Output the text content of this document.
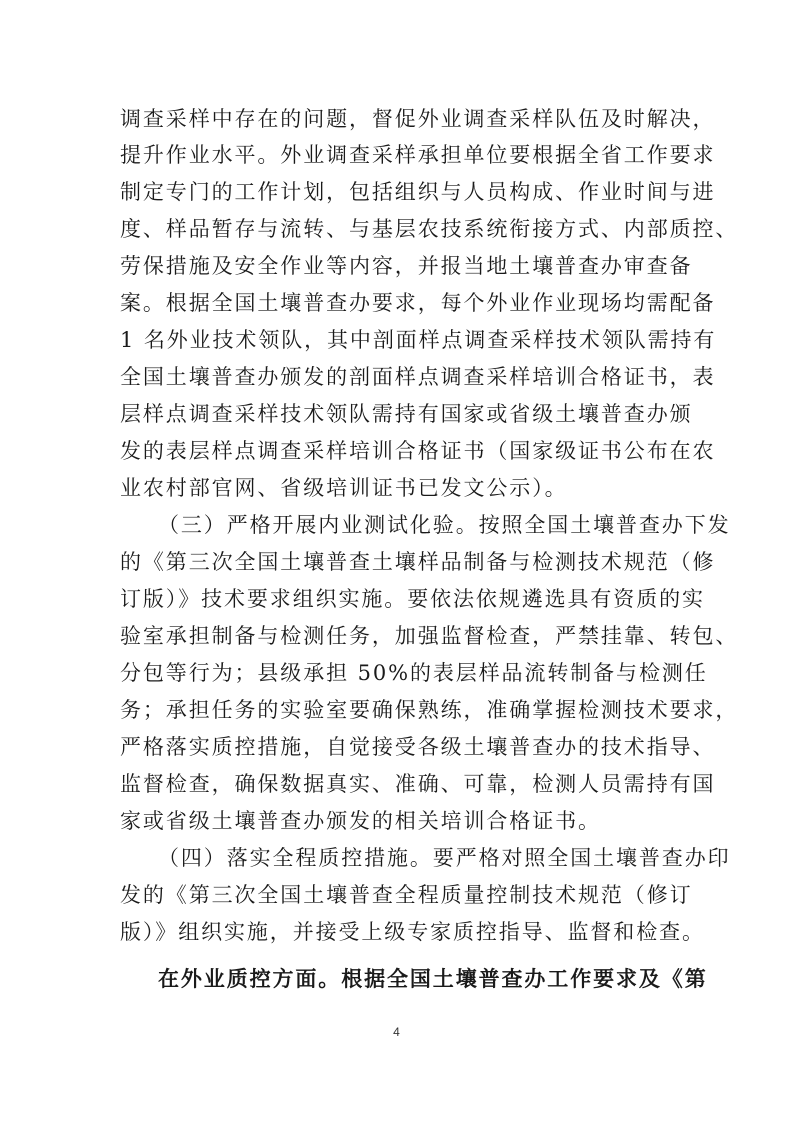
调查采样中存在的问题，督促外业调查采样队伍及时解决，

提升作业水平。外业调查采样承担单位要根据全省工作要求

制定专门的工作计划，包括组织与人员构成、作业时间与进

度、样品暂存与流转、与基层农技系统衔接方式、内部质控、

劳保措施及安全作业等内容，并报当地土壤普查办审查备

案。根据全国土壤普查办要求，每个外业作业现场均需配备

1 名外业技术领队，其中剖面样点调查采样技术领队需持有

全国土壤普查办颁发的剖面样点调查采样培训合格证书，表

层样点调查采样技术领队需持有国家或省级土壤普查办颁

发的表层样点调查采样培训合格证书（国家级证书公布在农

业农村部官网、省级培训证书已发文公示）。

（三）严格开展内业测试化验。按照全国土壤普查办下发

的《第三次全国土壤普查土壤样品制备与检测技术规范（修

订版）》技术要求组织实施。要依法依规遴选具有资质的实

验室承担制备与检测任务，加强监督检查，严禁挂靠、转包、

分包等行为；县级承担 50%的表层样品流转制备与检测任

务；承担任务的实验室要确保熟练，准确掌握检测技术要求，

严格落实质控措施，自觉接受各级土壤普查办的技术指导、

监督检查，确保数据真实、准确、可靠，检测人员需持有国

家或省级土壤普查办颁发的相关培训合格证书。

（四）落实全程质控措施。要严格对照全国土壤普查办印

发的《第三次全国土壤普查全程质量控制技术规范（修订

版）》组织实施，并接受上级专家质控指导、监督和检查。

在外业质控方面。根据全国土壤普查办工作要求及《第

4
